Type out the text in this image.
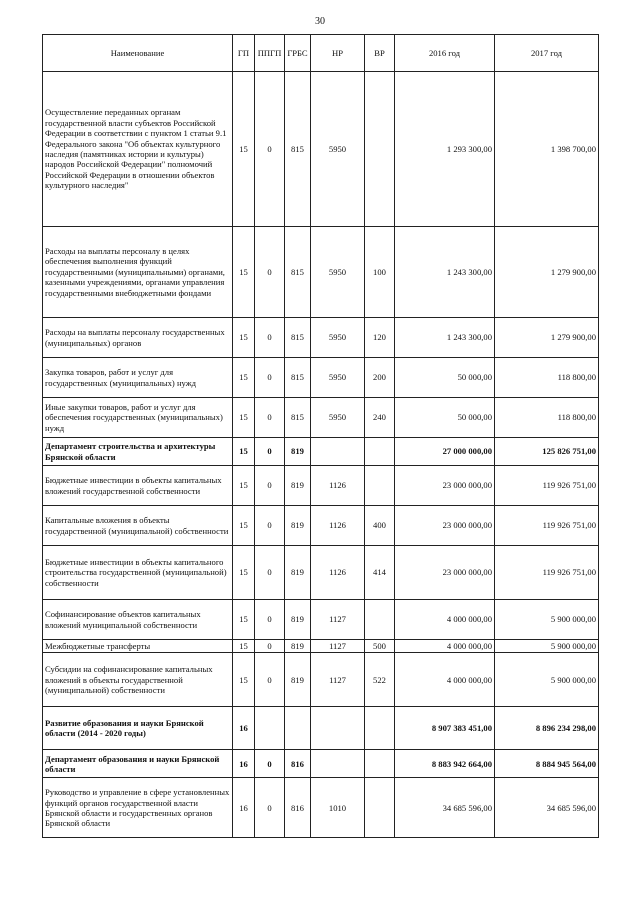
30
Наименование	ГП	ППГП	ГРБС	НР	ВР	2016 год	2017 год
Осуществление переданных органам государственной власти субъектов Российской Федерации в соответствии с пунктом 1 статьи 9.1 Федерального закона "Об объектах культурного наследия (памятниках истории и культуры) народов Российской Федерации" полномочий Российской Федерации в отношении объектов культурного наследия"	15	0	815	5950		1 293 300,00	1 398 700,00
Расходы на выплаты персоналу в целях обеспечения выполнения функций государственными (муниципальными) органами, казенными учреждениями, органами управления государственными внебюджетными фондами	15	0	815	5950	100	1 243 300,00	1 279 900,00
Расходы на выплаты персоналу государственных (муниципальных) органов	15	0	815	5950	120	1 243 300,00	1 279 900,00
Закупка товаров, работ и услуг для государственных (муниципальных) нужд	15	0	815	5950	200	50 000,00	118 800,00
Иные закупки товаров, работ и услуг для обеспечения государственных (муниципальных) нужд	15	0	815	5950	240	50 000,00	118 800,00
Департамент строительства и архитектуры Брянской области	15	0	819			27 000 000,00	125 826 751,00
Бюджетные инвестиции в объекты капитальных вложений государственной собственности	15	0	819	1126		23 000 000,00	119 926 751,00
Капитальные вложения в объекты государственной (муниципальной) собственности	15	0	819	1126	400	23 000 000,00	119 926 751,00
Бюджетные инвестиции в объекты капитального строительства государственной (муниципальной) собственности	15	0	819	1126	414	23 000 000,00	119 926 751,00
Софинансирование объектов капитальных вложений муниципальной собственности	15	0	819	1127		4 000 000,00	5 900 000,00
Межбюджетные трансферты	15	0	819	1127	500	4 000 000,00	5 900 000,00
Субсидии на софинансирование капитальных вложений в объекты государственной (муниципальной) собственности	15	0	819	1127	522	4 000 000,00	5 900 000,00
Развитие образования и науки Брянской области (2014 - 2020 годы)	16					8 907 383 451,00	8 896 234 298,00
Департамент образования и науки Брянской области	16	0	816			8 883 942 664,00	8 884 945 564,00
Руководство и управление в сфере установленных функций органов государственной власти Брянской области и государственных органов Брянской области	16	0	816	1010		34 685 596,00	34 685 596,00
